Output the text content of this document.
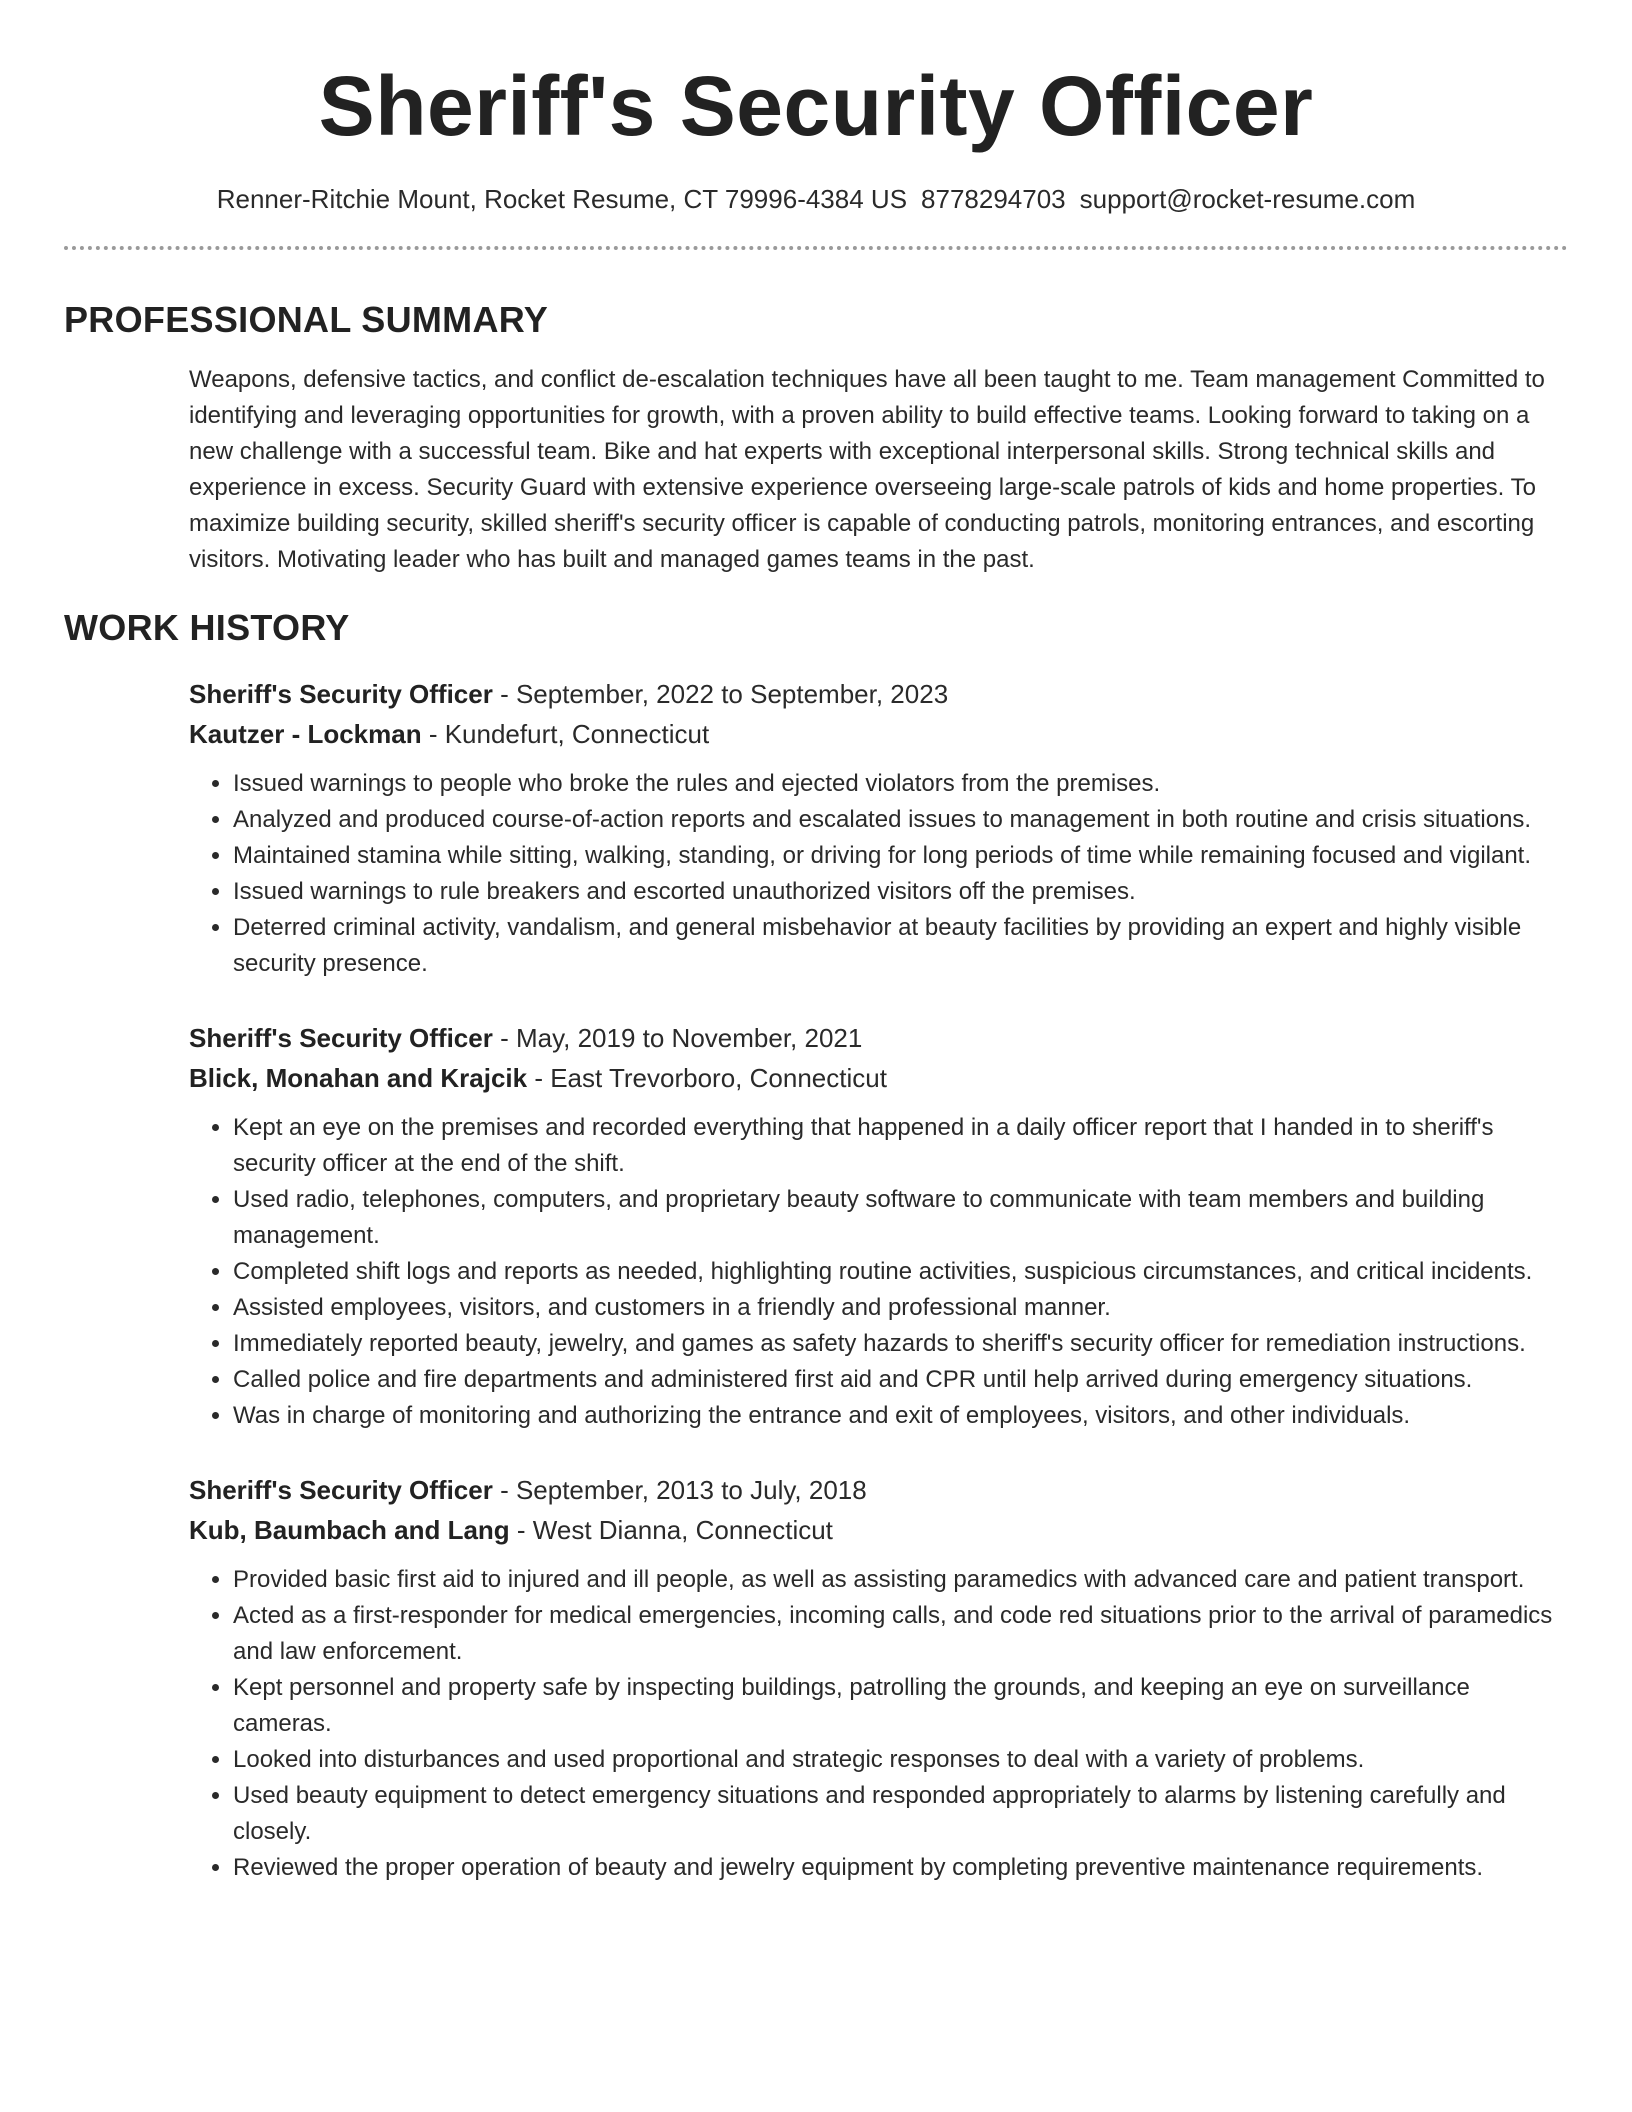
Sheriff's Security Officer
Renner-Ritchie Mount, Rocket Resume, CT 79996-4384 US 8778294703 support@rocket-resume.com
PROFESSIONAL SUMMARY

Weapons, defensive tactics, and conflict de-escalation techniques have all been taught to me. Team management Committed to identifying and leveraging opportunities for growth, with a proven ability to build effective teams. Looking forward to taking on a new challenge with a successful team. Bike and hat experts with exceptional interpersonal skills. Strong technical skills and experience in excess. Security Guard with extensive experience overseeing large-scale patrols of kids and home properties. To maximize building security, skilled sheriff's security officer is capable of conducting patrols, monitoring entrances, and escorting visitors. Motivating leader who has built and managed games teams in the past.

WORK HISTORY
Sheriff's Security Officer - September, 2022 to September, 2023
Kautzer - Lockman - Kundefurt, Connecticut
• Issued warnings to people who broke the rules and ejected violators from the premises.
• Analyzed and produced course-of-action reports and escalated issues to management in both routine and crisis situations.
• Maintained stamina while sitting, walking, standing, or driving for long periods of time while remaining focused and vigilant.
• Issued warnings to rule breakers and escorted unauthorized visitors off the premises.
• Deterred criminal activity, vandalism, and general misbehavior at beauty facilities by providing an expert and highly visible security presence.
Sheriff's Security Officer - May, 2019 to November, 2021
Blick, Monahan and Krajcik - East Trevorboro, Connecticut
• Kept an eye on the premises and recorded everything that happened in a daily officer report that I handed in to sheriff's security officer at the end of the shift.
• Used radio, telephones, computers, and proprietary beauty software to communicate with team members and building management.
• Completed shift logs and reports as needed, highlighting routine activities, suspicious circumstances, and critical incidents.
• Assisted employees, visitors, and customers in a friendly and professional manner.
• Immediately reported beauty, jewelry, and games as safety hazards to sheriff's security officer for remediation instructions.
• Called police and fire departments and administered first aid and CPR until help arrived during emergency situations.
• Was in charge of monitoring and authorizing the entrance and exit of employees, visitors, and other individuals.
Sheriff's Security Officer - September, 2013 to July, 2018
Kub, Baumbach and Lang - West Dianna, Connecticut
• Provided basic first aid to injured and ill people, as well as assisting paramedics with advanced care and patient transport.
• Acted as a first-responder for medical emergencies, incoming calls, and code red situations prior to the arrival of paramedics and law enforcement.
• Kept personnel and property safe by inspecting buildings, patrolling the grounds, and keeping an eye on surveillance cameras.
• Looked into disturbances and used proportional and strategic responses to deal with a variety of problems.
• Used beauty equipment to detect emergency situations and responded appropriately to alarms by listening carefully and closely.
• Reviewed the proper operation of beauty and jewelry equipment by completing preventive maintenance requirements.
